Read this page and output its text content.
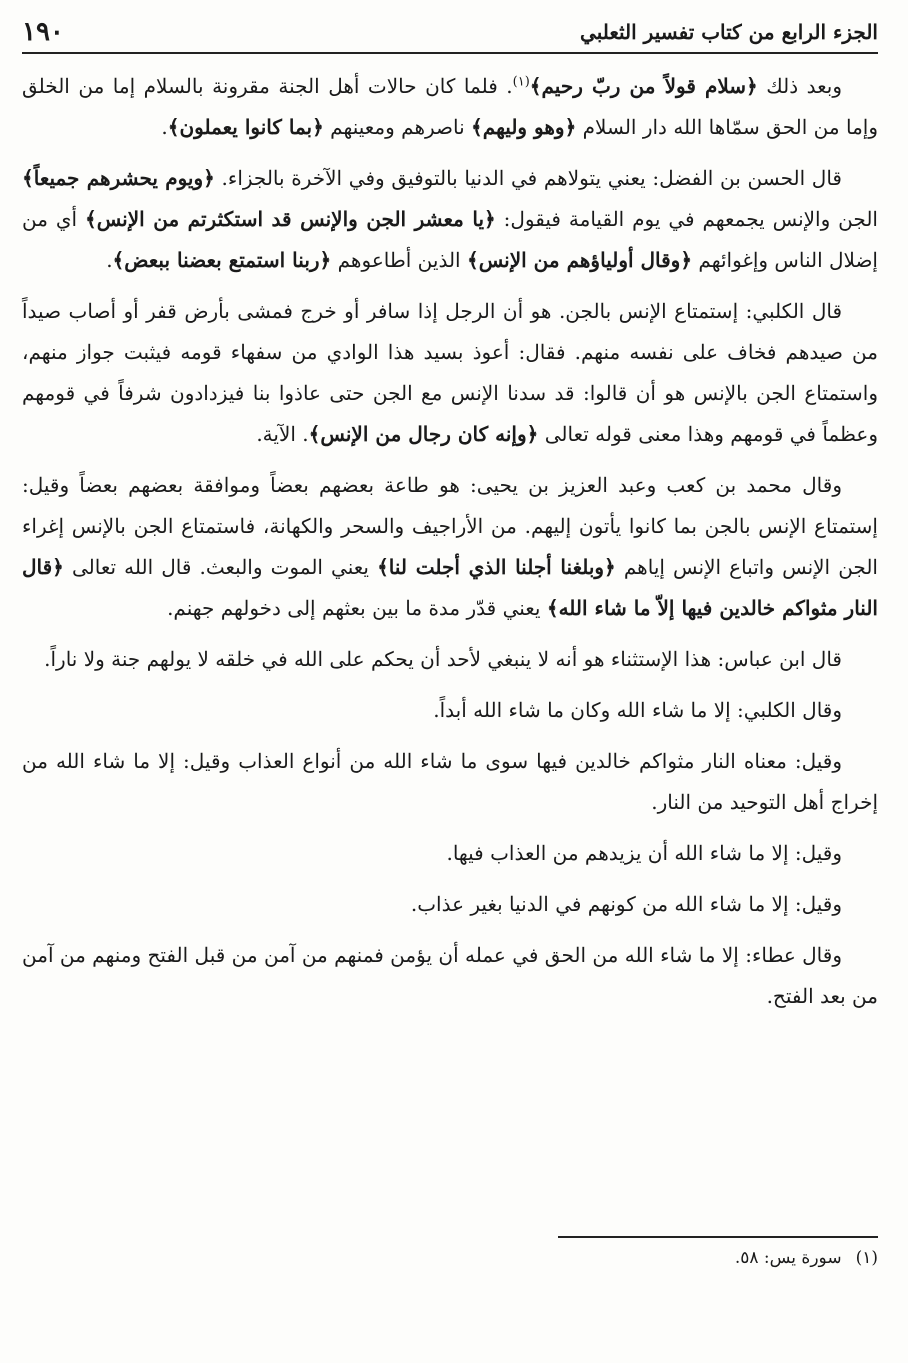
الجزء الرابع من كتاب تفسير الثعلبي
١٩٠

وبعد ذلك ﴿سلام قولاً من ربّ رحيم﴾$^{(١)}$. فلما كان حالات أهل الجنة مقرونة بالسلام إما من الخلق وإما من الحق سمّاها الله دار السلام ﴿وهو وليهم﴾ ناصرهم ومعينهم ﴿بما كانوا يعملون﴾.

قال الحسن بن الفضل: يعني يتولاهم في الدنيا بالتوفيق وفي الآخرة بالجزاء. ﴿ويوم يحشرهم جميعاً﴾ الجن والإنس يجمعهم في يوم القيامة فيقول: ﴿يا معشر الجن والإنس قد استكثرتم من الإنس﴾ أي من إضلال الناس وإغوائهم ﴿وقال أولياؤهم من الإنس﴾ الذين أطاعوهم ﴿ربنا استمتع بعضنا ببعض﴾.

قال الكلبي: إستمتاع الإنس بالجن. هو أن الرجل إذا سافر أو خرج فمشى بأرض قفر أو أصاب صيداً من صيدهم فخاف على نفسه منهم. فقال: أعوذ بسيد هذا الوادي من سفهاء قومه فيثبت جواز منهم، واستمتاع الجن بالإنس هو أن قالوا: قد سدنا الإنس مع الجن حتى عاذوا بنا فيزدادون شرفاً في قومهم وعظماً في قومهم وهذا معنى قوله تعالى ﴿وإنه كان رجال من الإنس﴾. الآية.

وقال محمد بن كعب وعبد العزيز بن يحيى: هو طاعة بعضهم بعضاً وموافقة بعضهم بعضاً وقيل: إستمتاع الإنس بالجن بما كانوا يأتون إليهم. من الأراجيف والسحر والكهانة، فاستمتاع الجن بالإنس إغراء الجن الإنس واتباع الإنس إياهم ﴿وبلغنا أجلنا الذي أجلت لنا﴾ يعني الموت والبعث. قال الله تعالى ﴿قال النار مثواكم خالدين فيها إلاّ ما شاء الله﴾ يعني قدّر مدة ما بين بعثهم إلى دخولهم جهنم.

قال ابن عباس: هذا الإستثناء هو أنه لا ينبغي لأحد أن يحكم على الله في خلقه لا يولهم جنة ولا ناراً.

وقال الكلبي: إلا ما شاء الله وكان ما شاء الله أبداً.

وقيل: معناه النار مثواكم خالدين فيها سوى ما شاء الله من أنواع العذاب وقيل: إلا ما شاء الله من إخراج أهل التوحيد من النار.

وقيل: إلا ما شاء الله أن يزيدهم من العذاب فيها.

وقيل: إلا ما شاء الله من كونهم في الدنيا بغير عذاب.

وقال عطاء: إلا ما شاء الله من الحق في عمله أن يؤمن فمنهم من آمن من قبل الفتح ومنهم من آمن من بعد الفتح.

(١)سورة يس: ٥٨.
